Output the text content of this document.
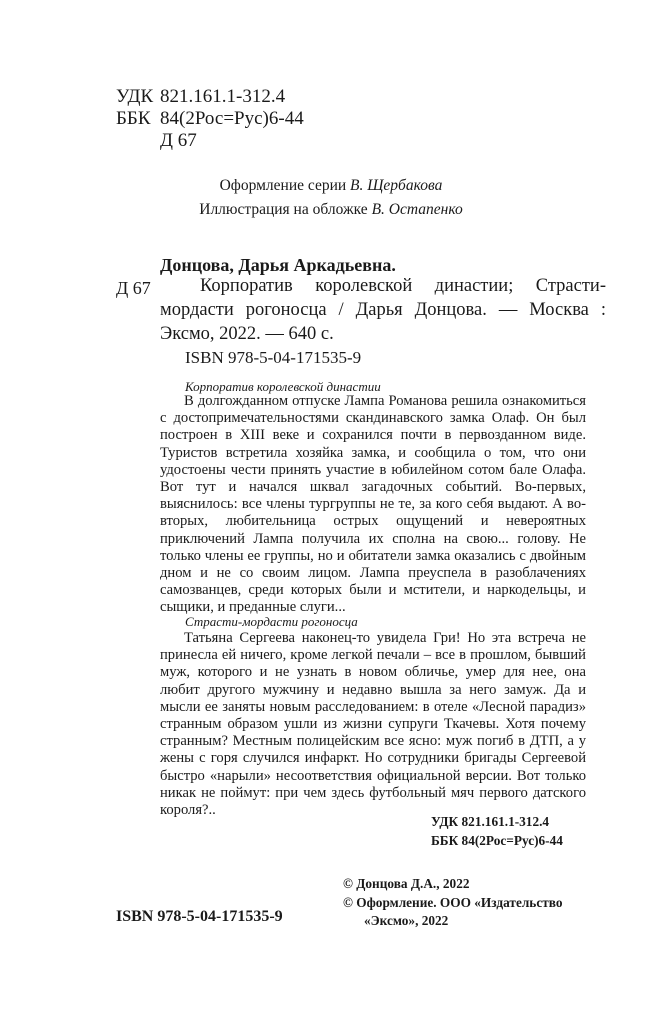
УДК 821.161.1-312.4
ББК 84(2Рос=Рус)6-44
Д 67
Оформление серии В. Щербакова
Иллюстрация на обложке В. Остапенко
Донцова, Дарья Аркадьевна.
Д 67	Корпоратив королевской династии; Страсти-мордасти рогоносца / Дарья Донцова. — Москва : Эксмо, 2022. — 640 с.
ISBN 978-5-04-171535-9
Корпоратив королевской династии
В долгожданном отпуске Лампа Романова решила ознакомиться с достопримечательностями скандинавского замка Олаф. Он был построен в XIII веке и сохранился почти в первозданном виде. Туристов встретила хозяйка замка, и сообщила о том, что они удостоены чести принять участие в юбилейном сотом бале Олафа. Вот тут и начался шквал загадочных событий. Во-первых, выяснилось: все члены тургруппы не те, за кого себя выдают. А во-вторых, любительница острых ощущений и невероятных приключений Лампа получила их сполна на свою... голову. Не только члены ее группы, но и обитатели замка оказались с двойным дном и не со своим лицом. Лампа преуспела в разоблачениях самозванцев, среди которых были и мстители, и наркодельцы, и сыщики, и преданные слуги...
Страсти-мордасти рогоносца
Татьяна Сергеева наконец-то увидела Гри! Но эта встреча не принесла ей ничего, кроме легкой печали – все в прошлом, бывший муж, которого и не узнать в новом обличье, умер для нее, она любит другого мужчину и недавно вышла за него замуж. Да и мысли ее заняты новым расследованием: в отеле «Лесной парадиз» странным образом ушли из жизни супруги Ткачевы. Хотя почему странным? Местным полицейским все ясно: муж погиб в ДТП, а у жены с горя случился инфаркт. Но сотрудники бригады Сергеевой быстро «нарыли» несоответствия официальной версии. Вот только никак не поймут: при чем здесь футбольный мяч первого датского короля?..
УДК 821.161.1-312.4
ББК 84(2Рос=Рус)6-44
ISBN 978-5-04-171535-9
© Донцова Д.А., 2022
© Оформление. ООО «Издательство
«Эксмо», 2022
